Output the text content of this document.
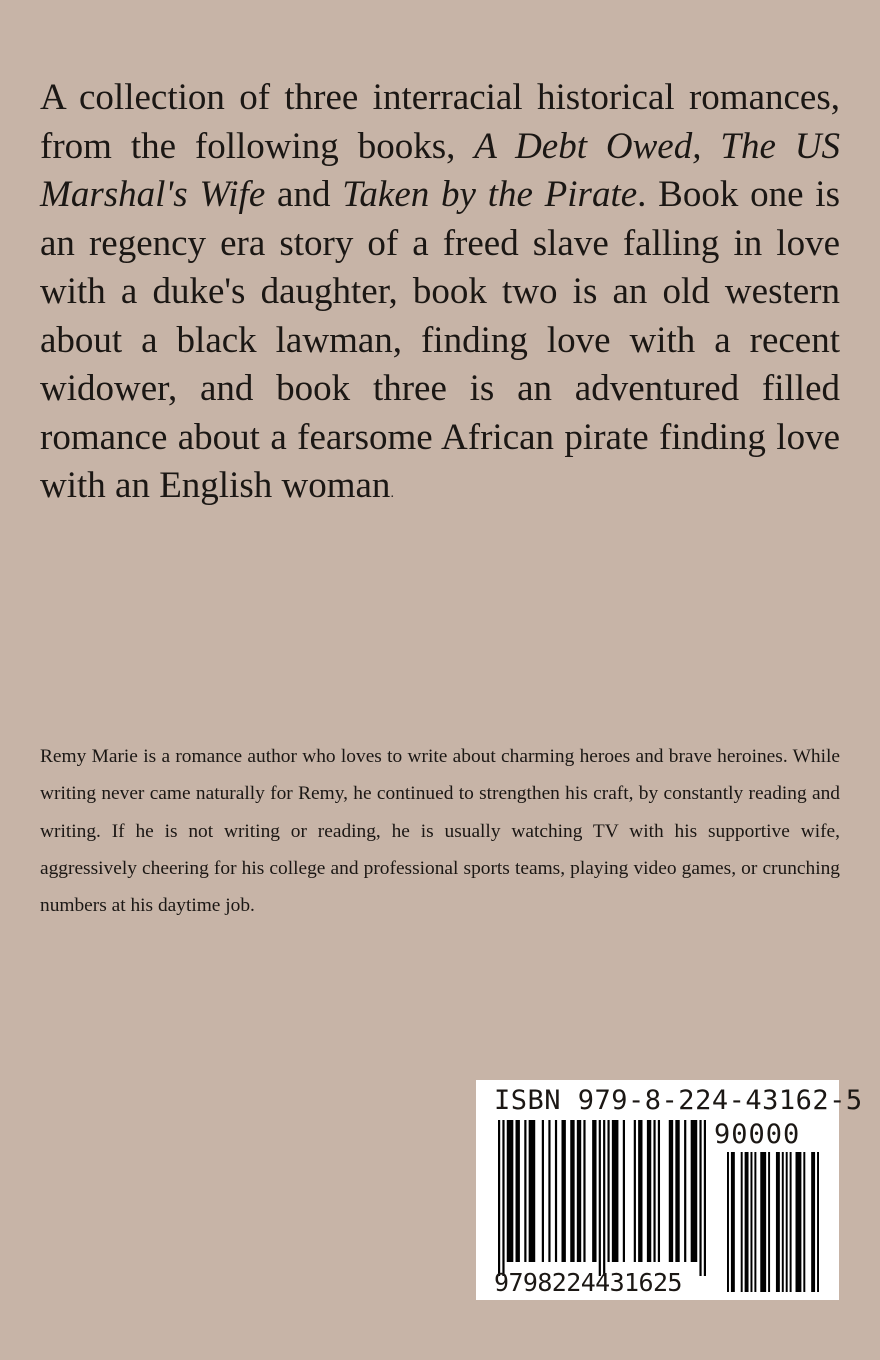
A collection of three interracial historical romances, from the following books, A Debt Owed, The US Marshal's Wife and Taken by the Pirate. Book one is an regency era story of a freed slave falling in love with a duke's daughter, book two is an old western about a black lawman, finding love with a recent widower, and book three is an adventured filled romance about a fearsome African pirate finding love with an English woman.

Remy Marie is a romance author who loves to write about charming heroes and brave heroines. While writing never came naturally for Remy, he continued to strengthen his craft, by constantly reading and writing. If he is not writing or reading, he is usually watching TV with his supportive wife, aggressively cheering for his college and professional sports teams, playing video games, or crunching numbers at his daytime job.

ISBN 979-8-224-43162-5
90000
9798224431625
